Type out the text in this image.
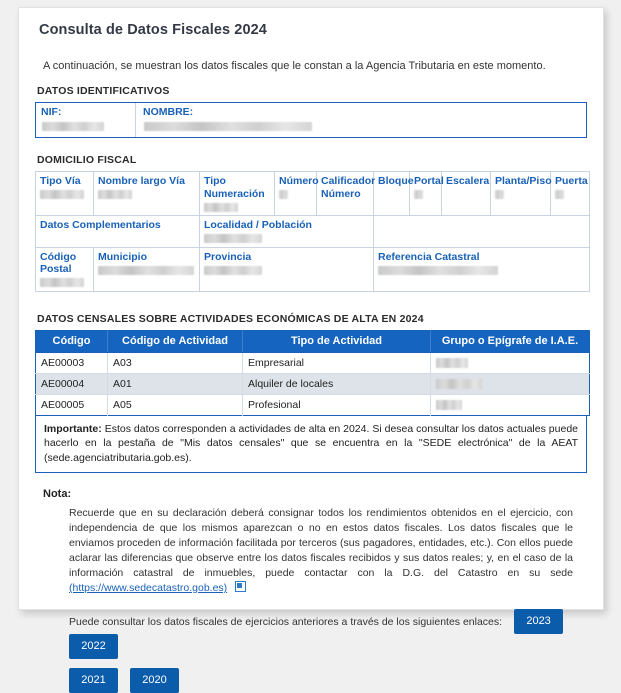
Consulta de Datos Fiscales 2024

A continuación, se muestran los datos fiscales que le constan a la Agencia Tributaria en este momento.

DATOS IDENTIFICATIVOS
NIF:	NOMBRE:
DOMICILIO FISCAL
Tipo Vía	Nombre largo Vía	Tipo Numeración	Número	Calificador Número	Bloque	Portal	Escalera	Planta/Piso	Puerta

Datos Complementarios		Localidad / Población							

Código Postal	Municipio	Provincia			Referencia Catastral				
DATOS CENSALES SOBRE ACTIVIDADES ECONÓMICAS DE ALTA EN 2024
Código	Código de Actividad	Tipo de Actividad	Grupo o Epígrafe de I.A.E.
AE00003	A03	Empresarial	
AE00004	A01	Alquiler de locales	
AE00005	A05	Profesional	
Importante: Estos datos corresponden a actividades de alta en 2024. Si desea consultar los datos actuales puede hacerlo en la pestaña de "Mis datos censales" que se encuentra en la "SEDE electrónica" de la AEAT (sede.agenciatributaria.gob.es).
Nota:
Recuerde que en su declaración deberá consignar todos los rendimientos obtenidos en el ejercicio, con independencia de que los mismos aparezcan o no en estos datos fiscales. Los datos fiscales que le enviamos proceden de información facilitada por terceros (sus pagadores, entidades, etc.). Con ellos puede aclarar las diferencias que observe entre los datos fiscales recibidos y sus datos reales; y, en el caso de la información catastral de inmuebles, puede contactar con la D.G. del Catastro en su sede (https://www.sedecatastro.gob.es)
Puede consultar los datos fiscales de ejercicios anteriores a través de los siguientes enlaces:	2023
2022
2021	2020
